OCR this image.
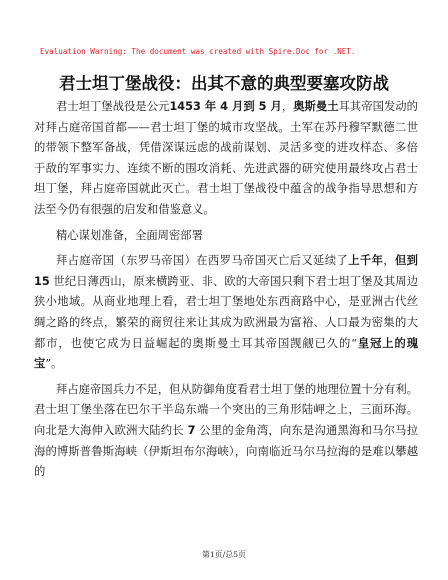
Evaluation Warning: The document was created with Spire.Doc for .NET.
君士坦丁堡战役：出其不意的典型要塞攻防战

君士坦丁堡战役是公元1453 年 4 月到 5 月，奥斯曼土耳其帝国发动的对拜占庭帝国首都——君士坦丁堡的城市攻坚战。土军在苏丹穆罕默德二世的带领下整军备战，凭借深谋远虑的战前谋划、灵活多变的进攻样态、多倍于敌的军事实力、连续不断的围攻消耗、先进武器的研究使用最终攻占君士坦丁堡，拜占庭帝国就此灭亡。君士坦丁堡战役中蕴含的战争指导思想和方法至今仍有很强的启发和借鉴意义。

精心谋划准备，全面周密部署

拜占庭帝国（东罗马帝国）在西罗马帝国灭亡后又延续了上千年，但到 15 世纪日薄西山，原来横跨亚、非、欧的大帝国只剩下君士坦丁堡及其周边狭小地域。从商业地理上看，君士坦丁堡地处东西商路中心，是亚洲古代丝绸之路的终点，繁荣的商贸往来让其成为欧洲最为富裕、人口最为密集的大都市，也使它成为日益崛起的奥斯曼土耳其帝国觊觎已久的“皇冠上的瑰宝”。

拜占庭帝国兵力不足，但从防御角度看君士坦丁堡的地理位置十分有利。君士坦丁堡坐落在巴尔干半岛东端一个突出的三角形陆岬之上，三面环海。向北是大海伸入欧洲大陆约长 7 公里的金角湾，向东是沟通黑海和马尔马拉海的博斯普鲁斯海峡（伊斯坦布尔海峡），向南临近马尔马拉海的是难以攀越的

第1页/总5页
